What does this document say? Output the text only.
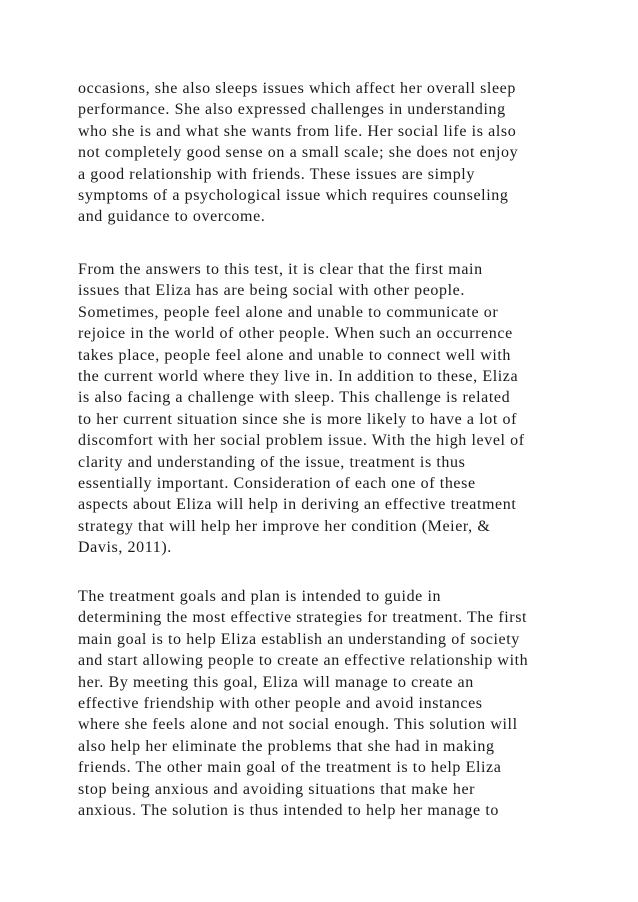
occasions, she also sleeps issues which affect her overall sleep
performance. She also expressed challenges in understanding
who she is and what she wants from life. Her social life is also
not completely good sense on a small scale; she does not enjoy
a good relationship with friends. These issues are simply
symptoms of a psychological issue which requires counseling
and guidance to overcome.
From the answers to this test, it is clear that the first main
issues that Eliza has are being social with other people.
Sometimes, people feel alone and unable to communicate or
rejoice in the world of other people. When such an occurrence
takes place, people feel alone and unable to connect well with
the current world where they live in. In addition to these, Eliza
is also facing a challenge with sleep. This challenge is related
to her current situation since she is more likely to have a lot of
discomfort with her social problem issue. With the high level of
clarity and understanding of the issue, treatment is thus
essentially important. Consideration of each one of these
aspects about Eliza will help in deriving an effective treatment
strategy that will help her improve her condition (Meier, &
Davis, 2011).
The treatment goals and plan is intended to guide in
determining the most effective strategies for treatment. The first
main goal is to help Eliza establish an understanding of society
and start allowing people to create an effective relationship with
her. By meeting this goal, Eliza will manage to create an
effective friendship with other people and avoid instances
where she feels alone and not social enough. This solution will
also help her eliminate the problems that she had in making
friends. The other main goal of the treatment is to help Eliza
stop being anxious and avoiding situations that make her
anxious. The solution is thus intended to help her manage to
